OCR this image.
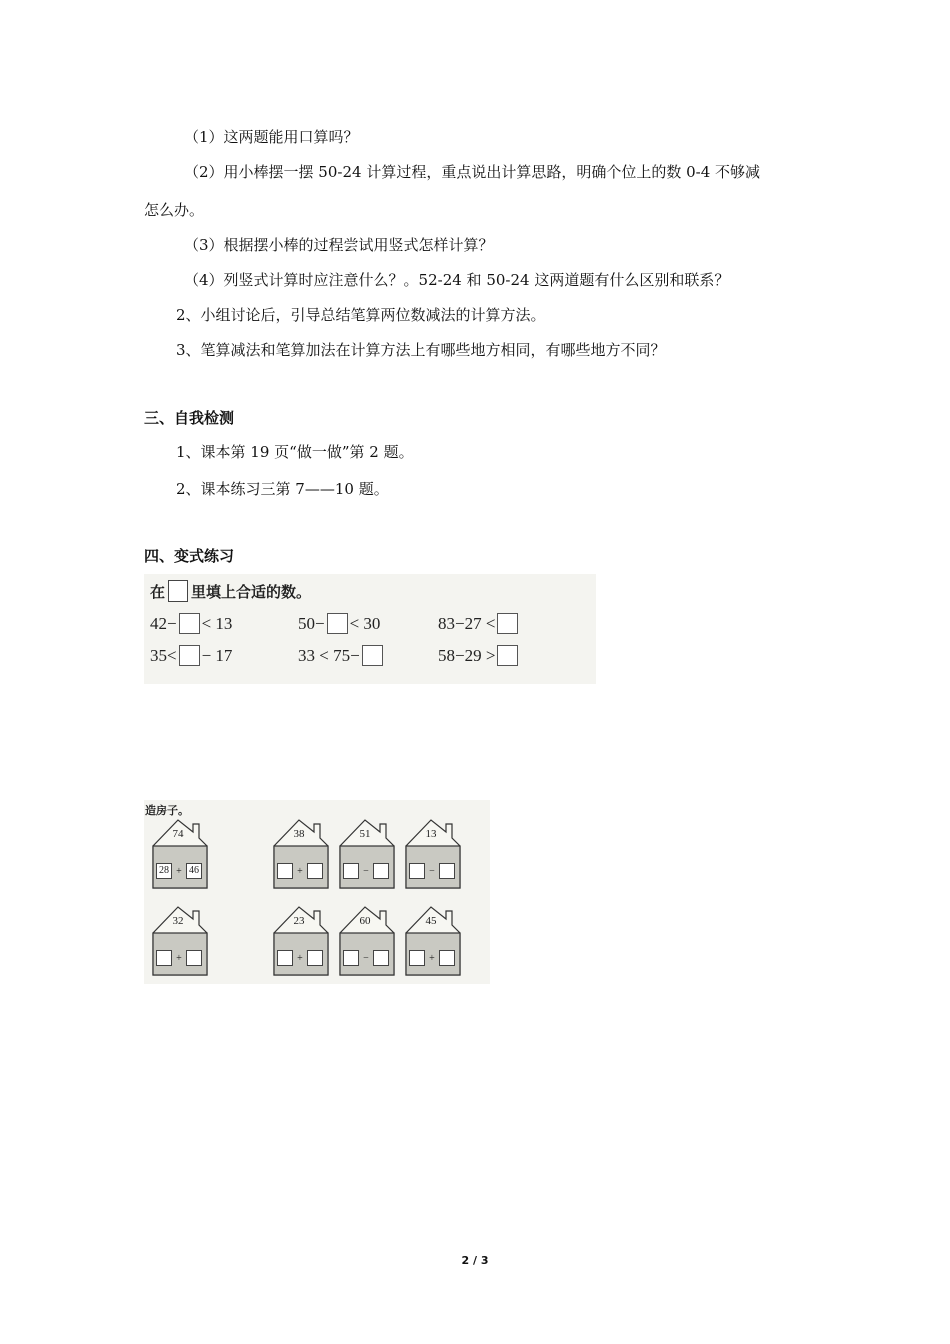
（1）这两题能用口算吗？
（2）用小棒摆一摆 50-24 计算过程，重点说出计算思路，明确个位上的数 0-4 不够减
怎么办。
（3）根据摆小棒的过程尝试用竖式怎样计算？
（4）列竖式计算时应注意什么？。52-24 和 50-24 这两道题有什么区别和联系？
2、小组讨论后，引导总结笔算两位数减法的计算方法。
3、笔算减法和笔算加法在计算方法上有哪些地方相同，有哪些地方不同？
三、自我检测
1、课本第 19 页“做一做”第 2 题。
2、课本练习三第 7——10 题。
四、变式练习
在 里填上合适的数。
42− < 13	50− < 30	83−27 <
35< − 17	33 < 75−	58−29 >
造房子。
74
28 + 46
38
+
51
−
13
−
32
+
23
+
60
−
45
+
2 / 3
